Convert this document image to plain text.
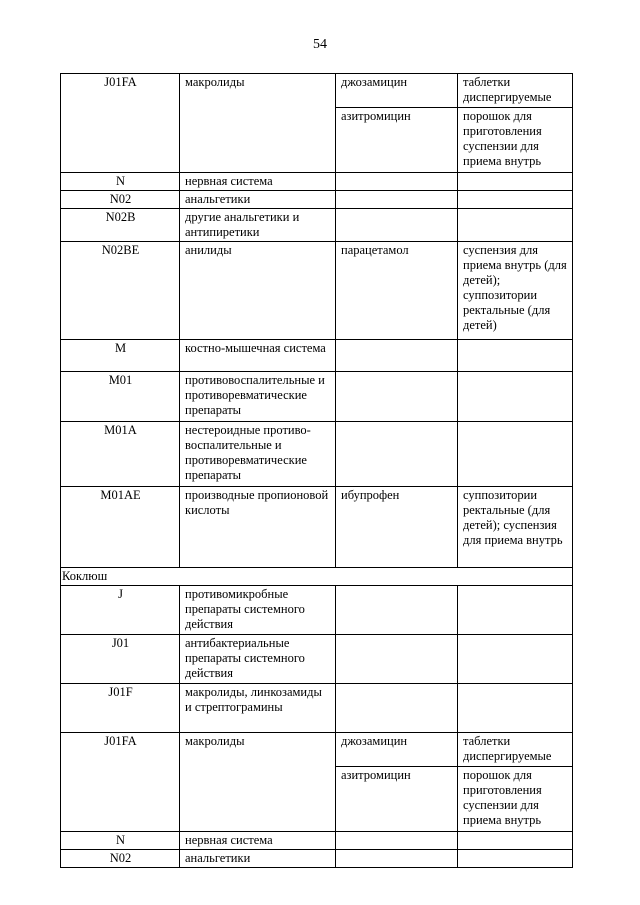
54
J01FA	макролиды	джозамицин	таблетки диспергируемые
		азитромицин	порошок для приготовления суспензии для приема внутрь
N	нервная система		
N02	анальгетики		
N02B	другие анальгетики и антипиретики		
N02BE	анилиды	парацетамол	суспензия для приема внутрь (для детей); суппозитории ректальные (для детей)
M	костно-мышечная система		
M01	противовоспалительные и противоревматические препараты		
M01A	нестероидные противо-воспалительные и противоревматические препараты		
M01AE	производные пропионовой кислоты	ибупрофен	суппозитории ректальные (для детей); суспензия для приема внутрь
Коклюш			
J	противомикробные препараты системного действия		
J01	антибактериальные препараты системного действия		
J01F	макролиды, линкозамиды и стрептограмины		
J01FA	макролиды	джозамицин	таблетки диспергируемые
		азитромицин	порошок для приготовления суспензии для приема внутрь
N	нервная система		
N02	анальгетики		
